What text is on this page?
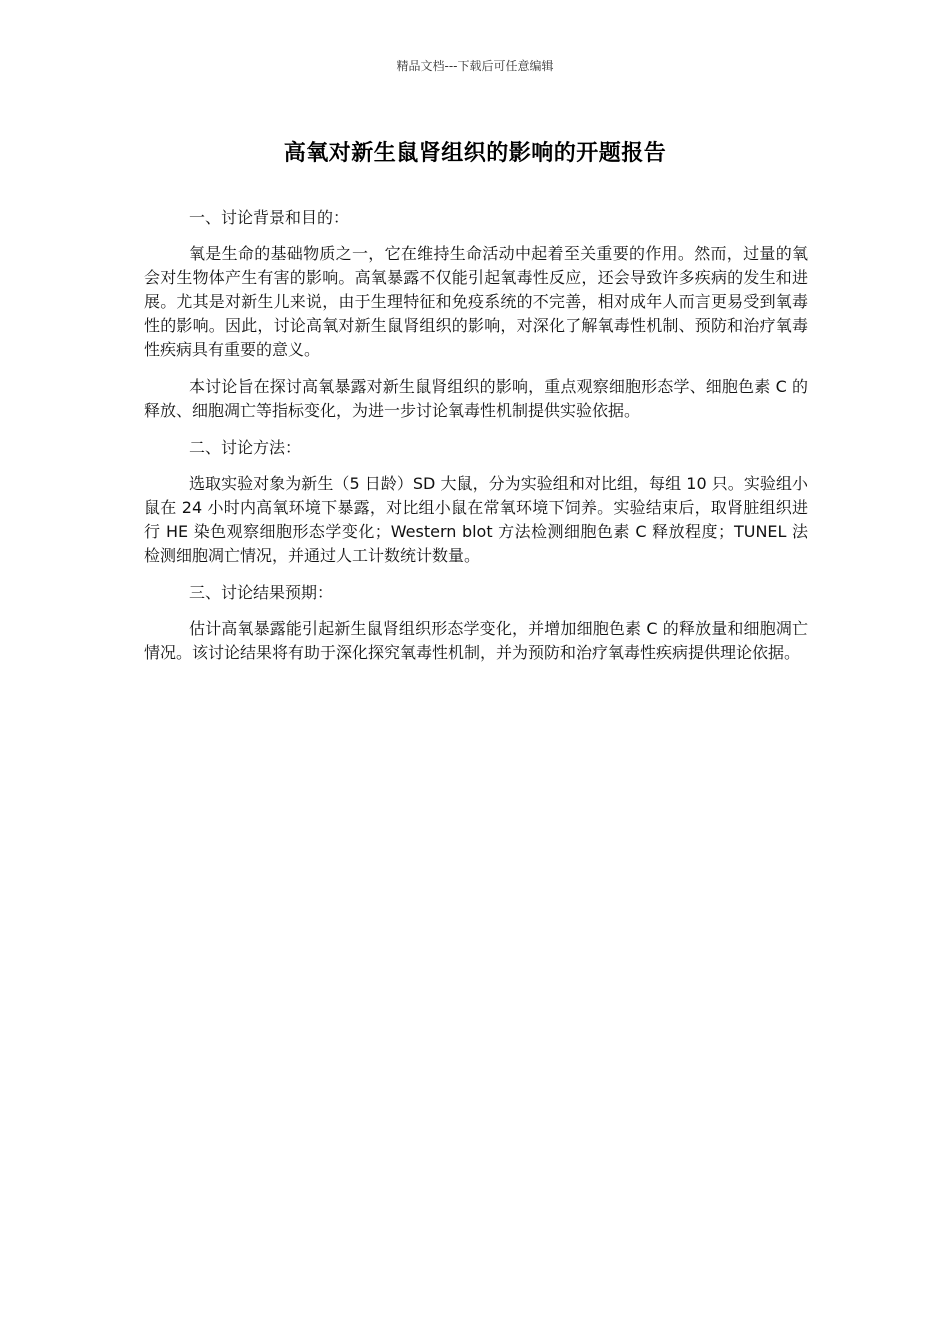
精品文档---下载后可任意编辑
高氧对新生鼠肾组织的影响的开题报告
一、讨论背景和目的：
氧是生命的基础物质之一，它在维持生命活动中起着至关重要的作用。然而，过量的氧会对生物体产生有害的影响。高氧暴露不仅能引起氧毒性反应，还会导致许多疾病的发生和进展。尤其是对新生儿来说，由于生理特征和免疫系统的不完善，相对成年人而言更易受到氧毒性的影响。因此，讨论高氧对新生鼠肾组织的影响，对深化了解氧毒性机制、预防和治疗氧毒性疾病具有重要的意义。
本讨论旨在探讨高氧暴露对新生鼠肾组织的影响，重点观察细胞形态学、细胞色素 C 的释放、细胞凋亡等指标变化，为进一步讨论氧毒性机制提供实验依据。
二、讨论方法：
选取实验对象为新生（5 日龄）SD 大鼠，分为实验组和对比组，每组 10 只。实验组小鼠在 24 小时内高氧环境下暴露，对比组小鼠在常氧环境下饲养。实验结束后，取肾脏组织进行 HE 染色观察细胞形态学变化；Western blot 方法检测细胞色素 C 释放程度；TUNEL 法检测细胞凋亡情况，并通过人工计数统计数量。
三、讨论结果预期：
估计高氧暴露能引起新生鼠肾组织形态学变化，并增加细胞色素 C 的释放量和细胞凋亡情况。该讨论结果将有助于深化探究氧毒性机制，并为预防和治疗氧毒性疾病提供理论依据。
